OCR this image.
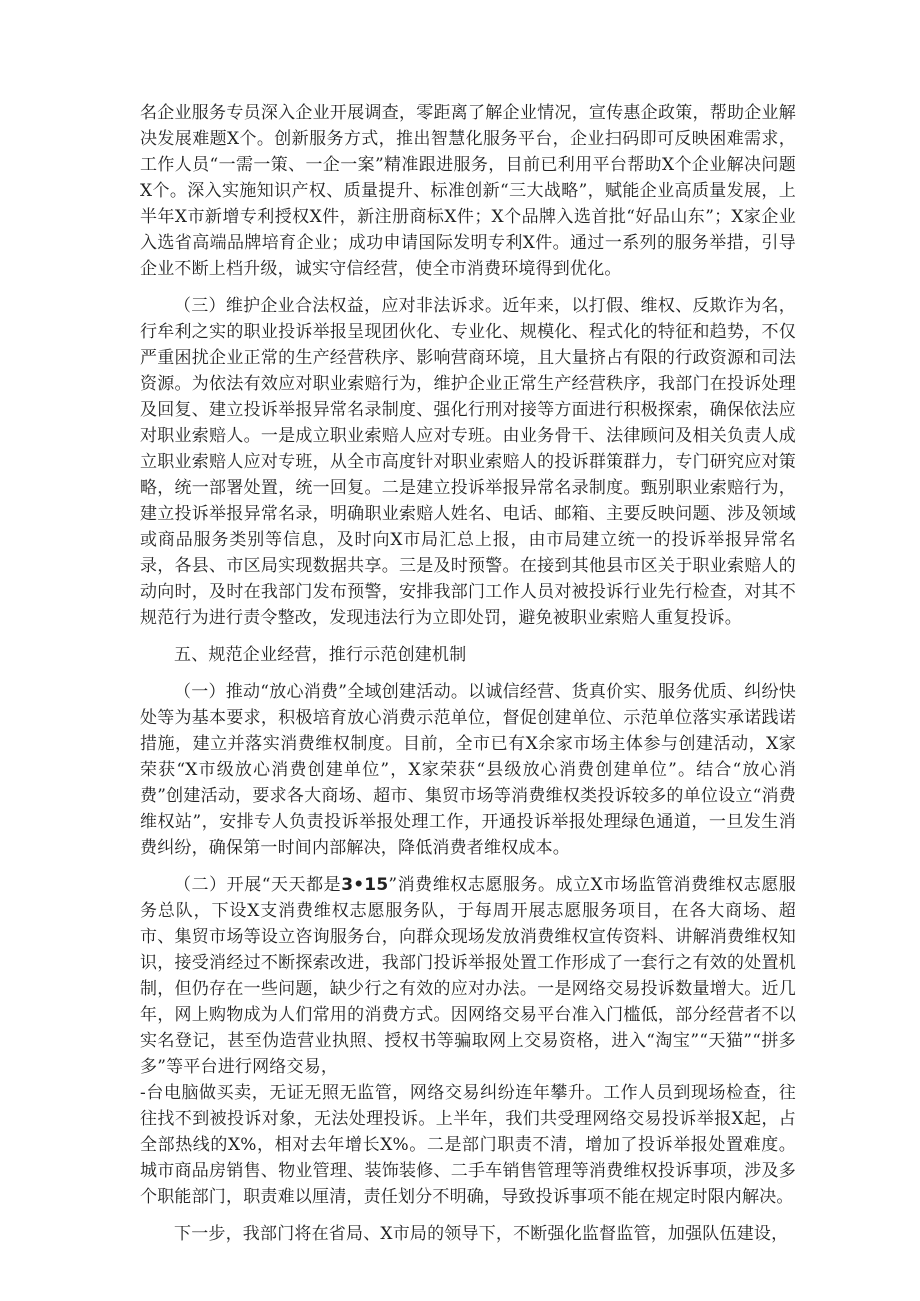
名企业服务专员深入企业开展调查，零距离了解企业情况，宣传惠企政策，帮助企业解决发展难题X个。创新服务方式，推出智慧化服务平台，企业扫码即可反映困难需求，工作人员“一需一策、一企一案”精准跟进服务，目前已利用平台帮助X个企业解决问题X个。深入实施知识产权、质量提升、标准创新“三大战略”，赋能企业高质量发展，上半年X市新增专利授权X件，新注册商标X件；X个品牌入选首批“好品山东”；X家企业入选省高端品牌培育企业；成功申请国际发明专利X件。通过一系列的服务举措，引导企业不断上档升级，诚实守信经营，使全市消费环境得到优化。

（三）维护企业合法权益，应对非法诉求。近年来，以打假、维权、反欺诈为名，行牟利之实的职业投诉举报呈现团伙化、专业化、规模化、程式化的特征和趋势，不仅严重困扰企业正常的生产经营秩序、影响营商环境，且大量挤占有限的行政资源和司法资源。为依法有效应对职业索赔行为，维护企业正常生产经营秩序，我部门在投诉处理及回复、建立投诉举报异常名录制度、强化行刑对接等方面进行积极探索，确保依法应对职业索赔人。一是成立职业索赔人应对专班。由业务骨干、法律顾问及相关负责人成立职业索赔人应对专班，从全市高度针对职业索赔人的投诉群策群力，专门研究应对策略，统一部署处置，统一回复。二是建立投诉举报异常名录制度。甄别职业索赔行为，建立投诉举报异常名录，明确职业索赔人姓名、电话、邮箱、主要反映问题、涉及领域或商品服务类别等信息，及时向X市局汇总上报，由市局建立统一的投诉举报异常名录，各县、市区局实现数据共享。三是及时预警。在接到其他县市区关于职业索赔人的动向时，及时在我部门发布预警，安排我部门工作人员对被投诉行业先行检查，对其不规范行为进行责令整改，发现违法行为立即处罚，避免被职业索赔人重复投诉。

五、规范企业经营，推行示范创建机制

（一）推动“放心消费”全域创建活动。以诚信经营、货真价实、服务优质、纠纷快处等为基本要求，积极培育放心消费示范单位，督促创建单位、示范单位落实承诺践诺措施，建立并落实消费维权制度。目前，全市已有X余家市场主体参与创建活动，X家荣获“X市级放心消费创建单位”，X家荣获“县级放心消费创建单位”。结合“放心消费”创建活动，要求各大商场、超市、集贸市场等消费维权类投诉较多的单位设立“消费维权站”，安排专人负责投诉举报处理工作，开通投诉举报处理绿色通道，一旦发生消费纠纷，确保第一时间内部解决，降低消费者维权成本。

（二）开展“天天都是3•15”消费维权志愿服务。成立X市场监管消费维权志愿服务总队，下设X支消费维权志愿服务队，于每周开展志愿服务项目，在各大商场、超市、集贸市场等设立咨询服务台，向群众现场发放消费维权宣传资料、讲解消费维权知识，接受消经过不断探索改进，我部门投诉举报处置工作形成了一套行之有效的处置机制，但仍存在一些问题，缺少行之有效的应对办法。一是网络交易投诉数量增大。近几年，网上购物成为人们常用的消费方式。因网络交易平台准入门槛低，部分经营者不以实名登记，甚至伪造营业执照、授权书等骗取网上交易资格，进入“淘宝”“天猫”“拼多多”等平台进行网络交易，

-台电脑做买卖，无证无照无监管，网络交易纠纷连年攀升。工作人员到现场检查，往往找不到被投诉对象，无法处理投诉。上半年，我们共受理网络交易投诉举报X起，占全部热线的X%，相对去年增长X%。二是部门职责不清，增加了投诉举报处置难度。城市商品房销售、物业管理、装饰装修、二手车销售管理等消费维权投诉事项，涉及多个职能部门，职责难以厘清，责任划分不明确，导致投诉事项不能在规定时限内解决。

下一步，我部门将在省局、X市局的领导下，不断强化监督监管，加强队伍建设，
